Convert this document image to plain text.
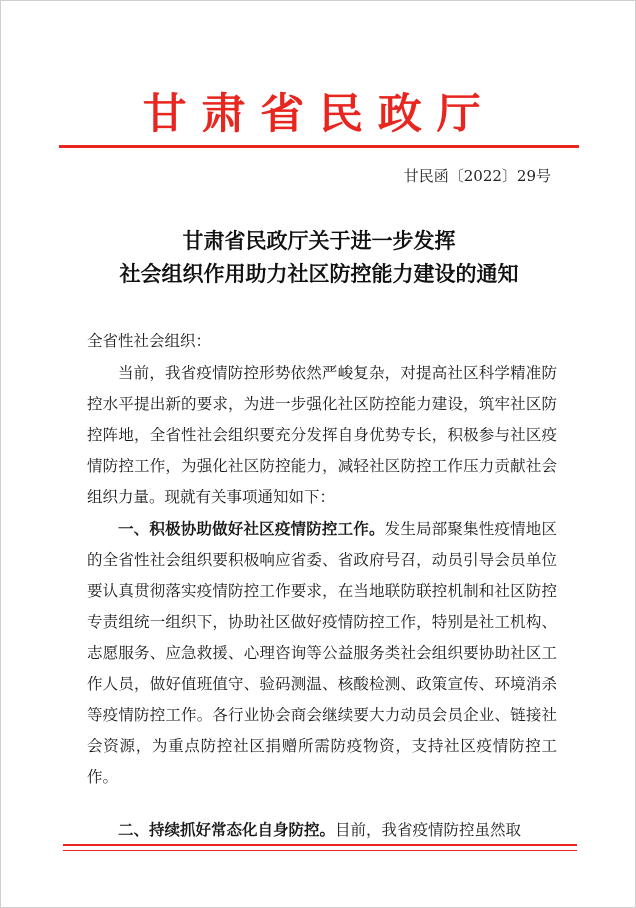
甘肃省民政厅
甘民函〔2022〕29号
甘肃省民政厅关于进一步发挥
社会组织作用助力社区防控能力建设的通知

全省性社会组织：

当前，我省疫情防控形势依然严峻复杂，对提高社区科学精准防控水平提出新的要求，为进一步强化社区防控能力建设，筑牢社区防控阵地，全省性社会组织要充分发挥自身优势专长，积极参与社区疫情防控工作，为强化社区防控能力，减轻社区防控工作压力贡献社会组织力量。现就有关事项通知如下：

一、积极协助做好社区疫情防控工作。发生局部聚集性疫情地区的全省性社会组织要积极响应省委、省政府号召，动员引导会员单位要认真贯彻落实疫情防控工作要求，在当地联防联控机制和社区防控专责组统一组织下，协助社区做好疫情防控工作，特别是社工机构、志愿服务、应急救援、心理咨询等公益服务类社会组织要协助社区工作人员，做好值班值守、验码测温、核酸检测、政策宣传、环境消杀等疫情防控工作。各行业协会商会继续要大力动员会员企业、链接社会资源，为重点防控社区捐赠所需防疫物资，支持社区疫情防控工作。

二、持续抓好常态化自身防控。目前，我省疫情防控虽然取
